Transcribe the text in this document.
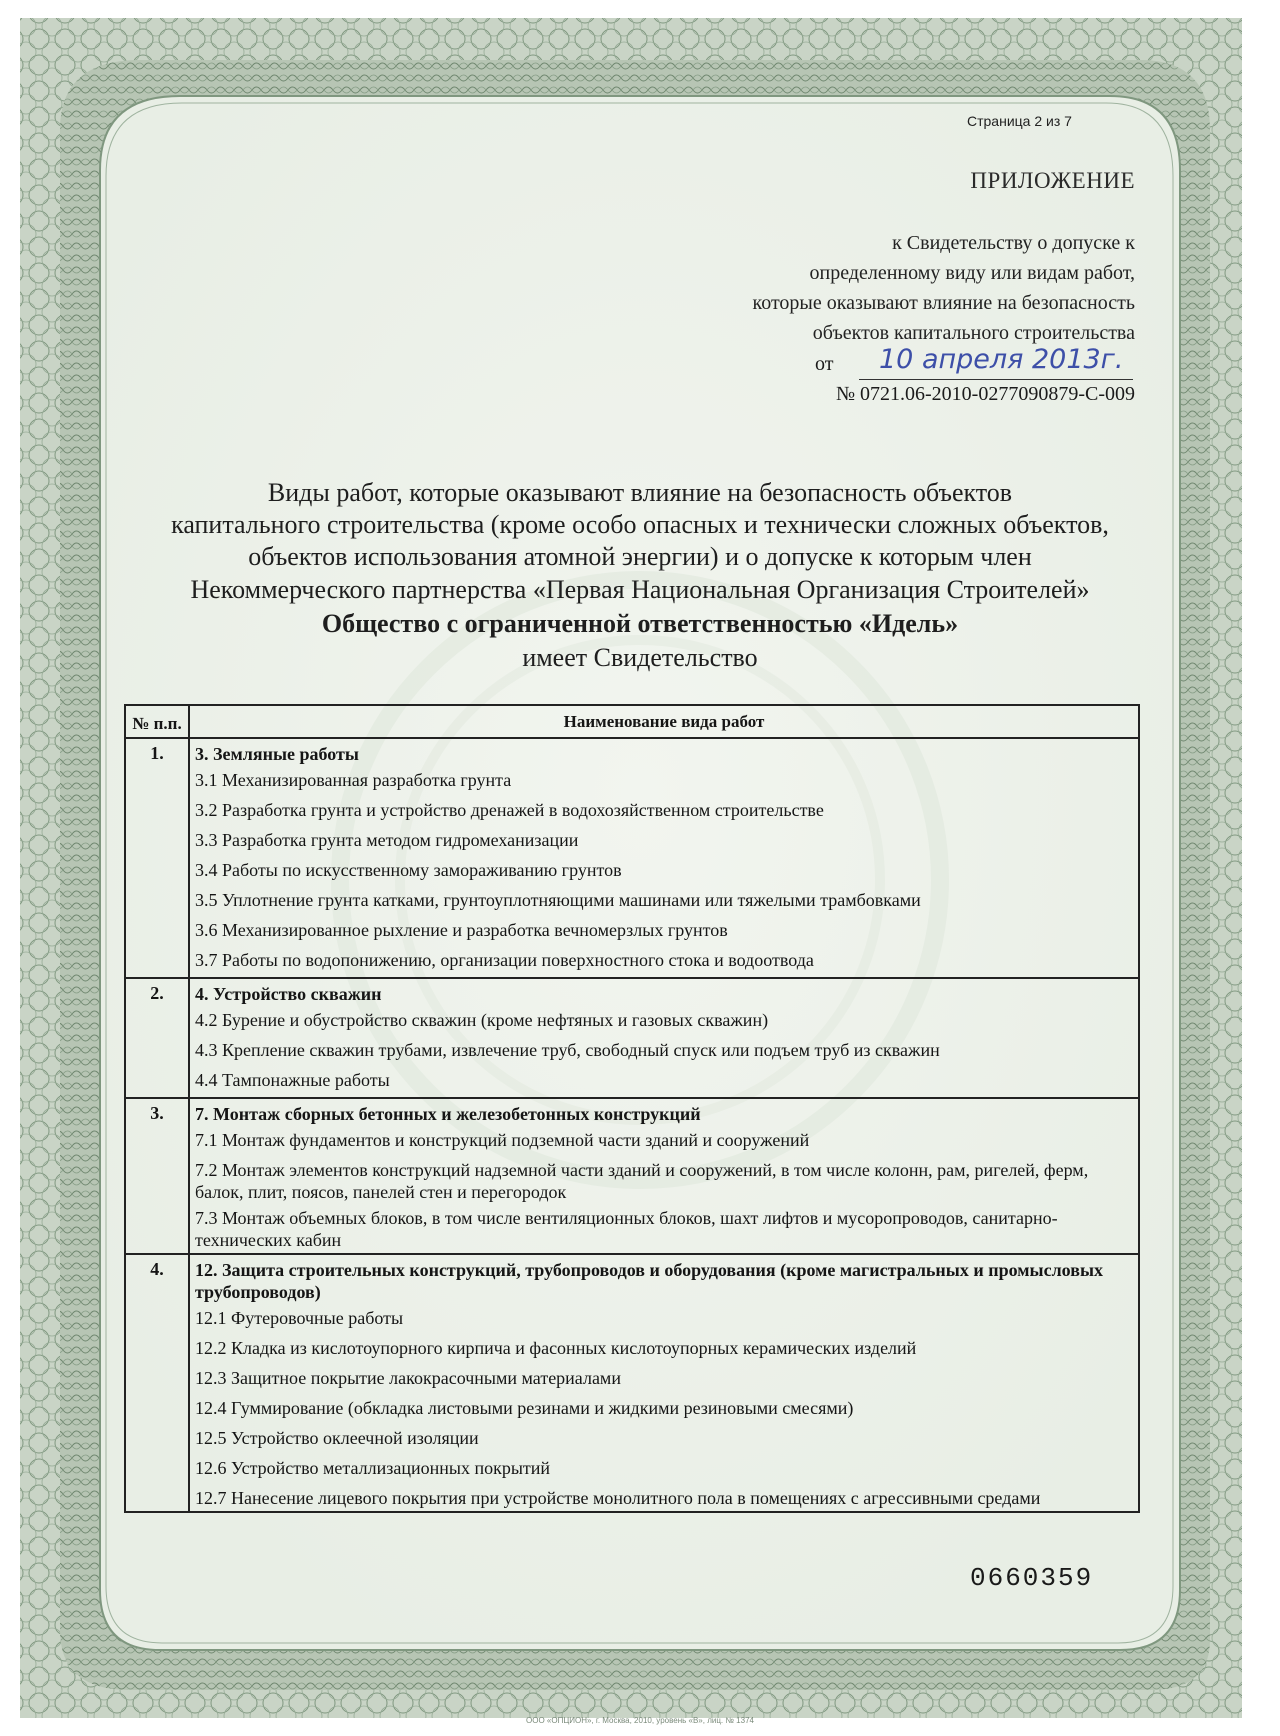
Страница 2 из 7
ПРИЛОЖЕНИЕ
к Свидетельству о допуске к
определенному виду или видам работ,
которые оказывают влияние на безопасность
объектов капитального строительства
от	10 апреля 2013г.
№ 0721.06-2010-0277090879-С-009
Виды работ, которые оказывают влияние на безопасность объектов
капитального строительства (кроме особо опасных и технически сложных объектов,
объектов использования атомной энергии) и о допуске к которым член
Некоммерческого партнерства «Первая Национальная Организация Строителей»
Общество с ограниченной ответственностью «Идель»
имеет Свидетельство
№ п.п.	Наименование вида работ
1.	3. Земляные работы
	3.1 Механизированная разработка грунта
	3.2 Разработка грунта и устройство дренажей в водохозяйственном строительстве
	3.3 Разработка грунта методом гидромеханизации
	3.4 Работы по искусственному замораживанию грунтов
	3.5 Уплотнение грунта катками, грунтоуплотняющими машинами или тяжелыми трамбовками
	3.6 Механизированное рыхление и разработка вечномерзлых грунтов
	3.7 Работы по водопонижению, организации поверхностного стока и водоотвода
2.	4. Устройство скважин
	4.2 Бурение и обустройство скважин (кроме нефтяных и газовых скважин)
	4.3 Крепление скважин трубами, извлечение труб, свободный спуск или подъем труб из скважин
	4.4 Тампонажные работы
3.	7. Монтаж сборных бетонных и железобетонных конструкций
	7.1 Монтаж фундаментов и конструкций подземной части зданий и сооружений
	7.2 Монтаж элементов конструкций надземной части зданий и сооружений, в том числе колонн, рам, ригелей, ферм, балок, плит, поясов, панелей стен и перегородок
	7.3 Монтаж объемных блоков, в том числе вентиляционных блоков, шахт лифтов и мусоропроводов, санитарно-технических кабин
4.	12. Защита строительных конструкций, трубопроводов и оборудования (кроме магистральных и промысловых трубопроводов)
	12.1 Футеровочные работы
	12.2 Кладка из кислотоупорного кирпича и фасонных кислотоупорных керамических изделий
	12.3 Защитное покрытие лакокрасочными материалами
	12.4 Гуммирование (обкладка листовыми резинами и жидкими резиновыми смесями)
	12.5 Устройство оклеечной изоляции
	12.6 Устройство металлизационных покрытий
	12.7 Нанесение лицевого покрытия при устройстве монолитного пола в помещениях с агрессивными средами
0660359
ООО «ОПЦИОН», г. Москва, 2010, уровень «В», лиц. № 1374
